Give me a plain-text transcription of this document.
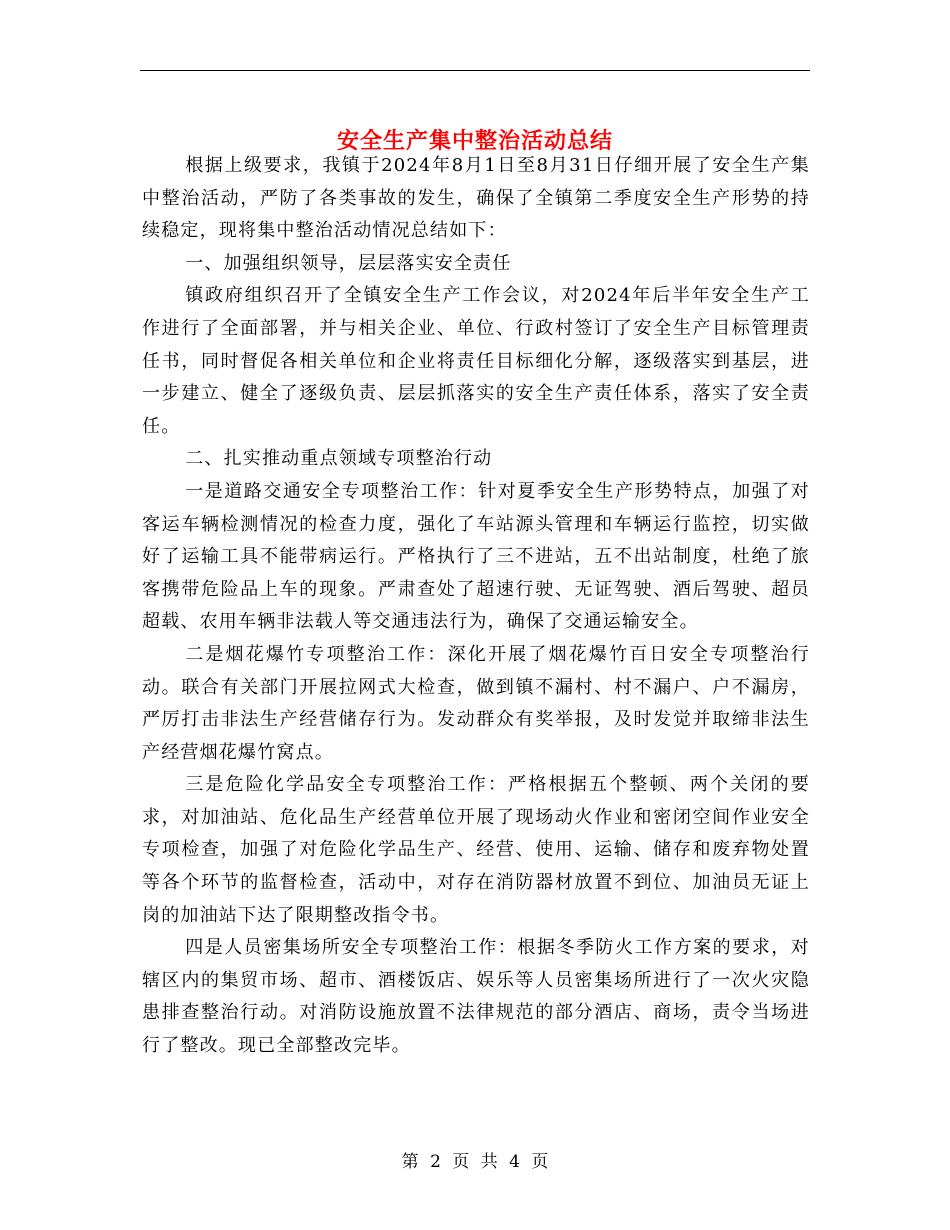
安全生产集中整治活动总结

根据上级要求，我镇于2024年8月1日至8月31日仔细开展了安全生产集中整治活动，严防了各类事故的发生，确保了全镇第二季度安全生产形势的持续稳定，现将集中整治活动情况总结如下：

一、加强组织领导，层层落实安全责任

镇政府组织召开了全镇安全生产工作会议，对2024年后半年安全生产工作进行了全面部署，并与相关企业、单位、行政村签订了安全生产目标管理责任书，同时督促各相关单位和企业将责任目标细化分解，逐级落实到基层，进一步建立、健全了逐级负责、层层抓落实的安全生产责任体系，落实了安全责任。

二、扎实推动重点领域专项整治行动

一是道路交通安全专项整治工作：针对夏季安全生产形势特点，加强了对客运车辆检测情况的检查力度，强化了车站源头管理和车辆运行监控，切实做好了运输工具不能带病运行。严格执行了三不进站，五不出站制度，杜绝了旅客携带危险品上车的现象。严肃查处了超速行驶、无证驾驶、酒后驾驶、超员超载、农用车辆非法载人等交通违法行为，确保了交通运输安全。

二是烟花爆竹专项整治工作：深化开展了烟花爆竹百日安全专项整治行动。联合有关部门开展拉网式大检查，做到镇不漏村、村不漏户、户不漏房，严厉打击非法生产经营储存行为。发动群众有奖举报，及时发觉并取缔非法生产经营烟花爆竹窝点。

三是危险化学品安全专项整治工作：严格根据五个整顿、两个关闭的要求，对加油站、危化品生产经营单位开展了现场动火作业和密闭空间作业安全专项检查，加强了对危险化学品生产、经营、使用、运输、储存和废弃物处置等各个环节的监督检查，活动中，对存在消防器材放置不到位、加油员无证上岗的加油站下达了限期整改指令书。

四是人员密集场所安全专项整治工作：根据冬季防火工作方案的要求，对辖区内的集贸市场、超市、酒楼饭店、娱乐等人员密集场所进行了一次火灾隐患排查整治行动。对消防设施放置不法律规范的部分酒店、商场，责令当场进行了整改。现已全部整改完毕。

第 2 页 共 4 页
